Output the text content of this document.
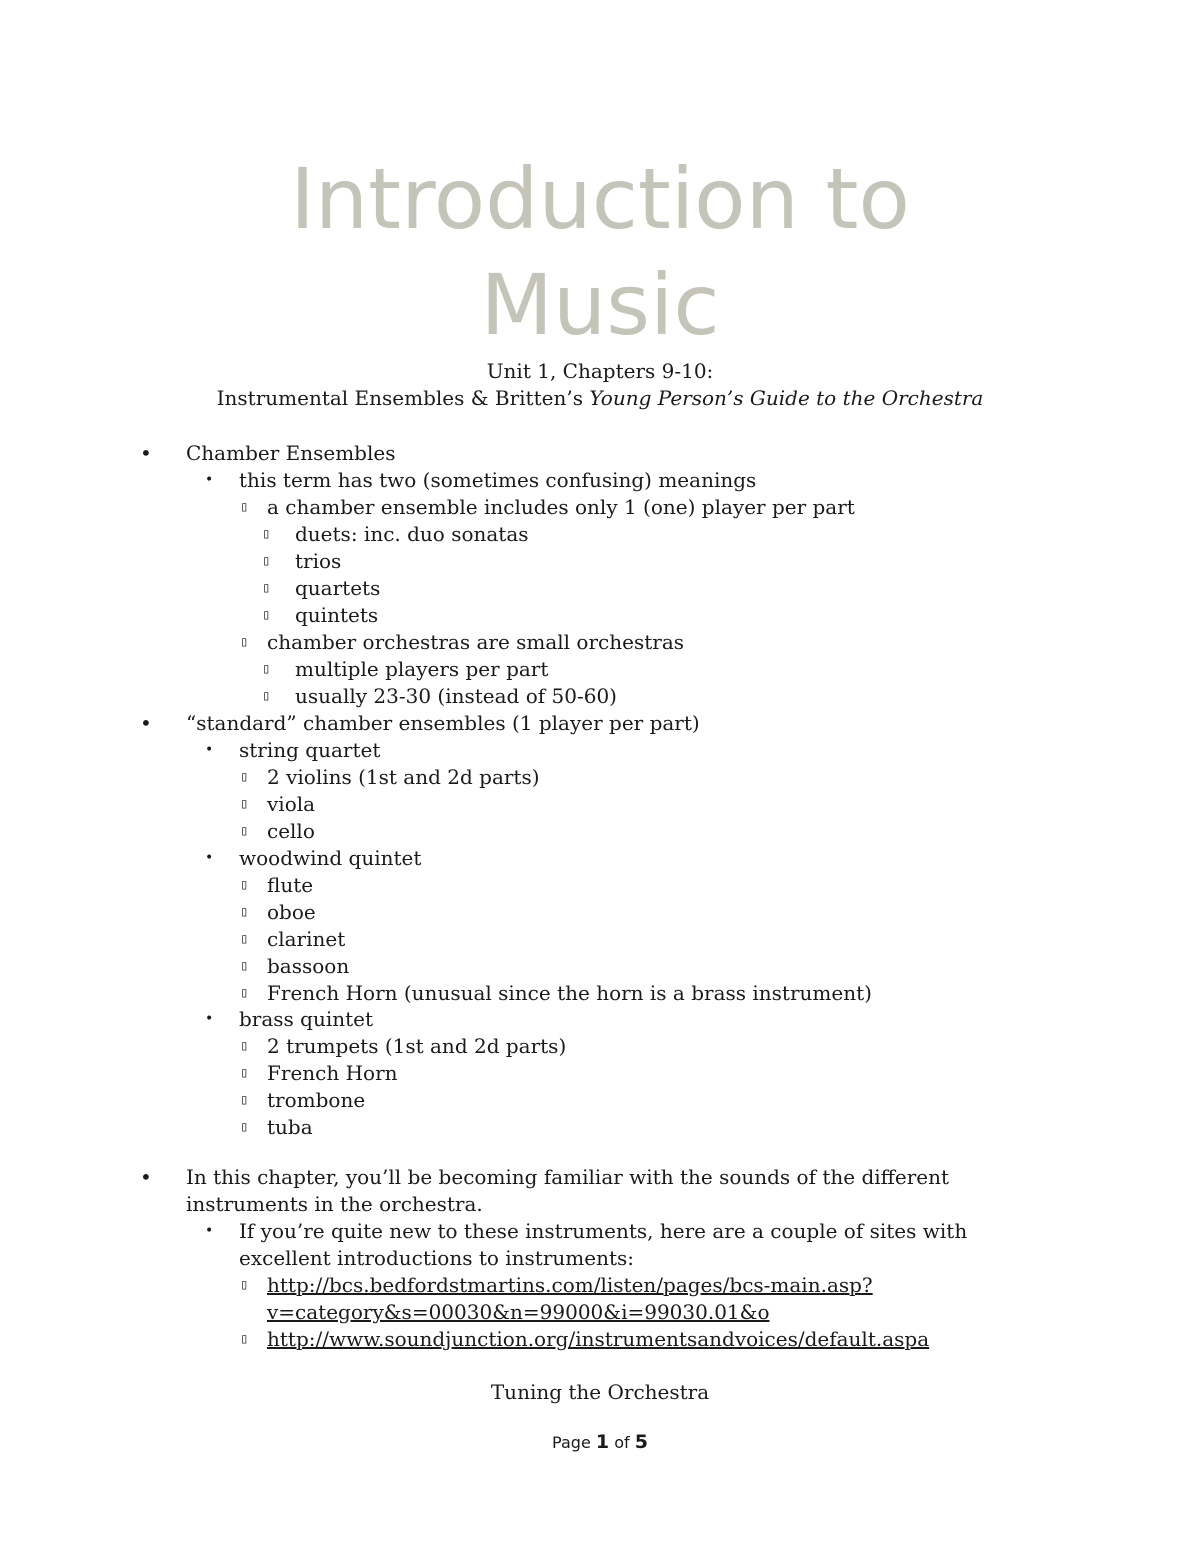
Introduction to
Music
Unit 1, Chapters 9-10:
Instrumental Ensembles & Britten’s Young Person’s Guide to the Orchestra
• Chamber Ensembles
• this term has two (sometimes confusing) meanings
▯ a chamber ensemble includes only 1 (one) player per part
▯ duets: inc. duo sonatas
▯ trios
▯ quartets
▯ quintets
▯ chamber orchestras are small orchestras
▯ multiple players per part
▯ usually 23-30 (instead of 50-60)
• “standard” chamber ensembles (1 player per part)
• string quartet
▯ 2 violins (1st and 2d parts)
▯ viola
▯ cello
• woodwind quintet
▯ flute
▯ oboe
▯ clarinet
▯ bassoon
▯ French Horn (unusual since the horn is a brass instrument)
• brass quintet
▯ 2 trumpets (1st and 2d parts)
▯ French Horn
▯ trombone
▯ tuba
• In this chapter, you’ll be becoming familiar with the sounds of the different
instruments in the orchestra.
• If you’re quite new to these instruments, here are a couple of sites with
excellent introductions to instruments:
▯ http://bcs.bedfordstmartins.com/listen/pages/bcs-main.asp?
v=category&s=00030&n=99000&i=99030.01&o
▯ http://www.soundjunction.org/instrumentsandvoices/default.aspa
Tuning the Orchestra
Page 1 of 5
